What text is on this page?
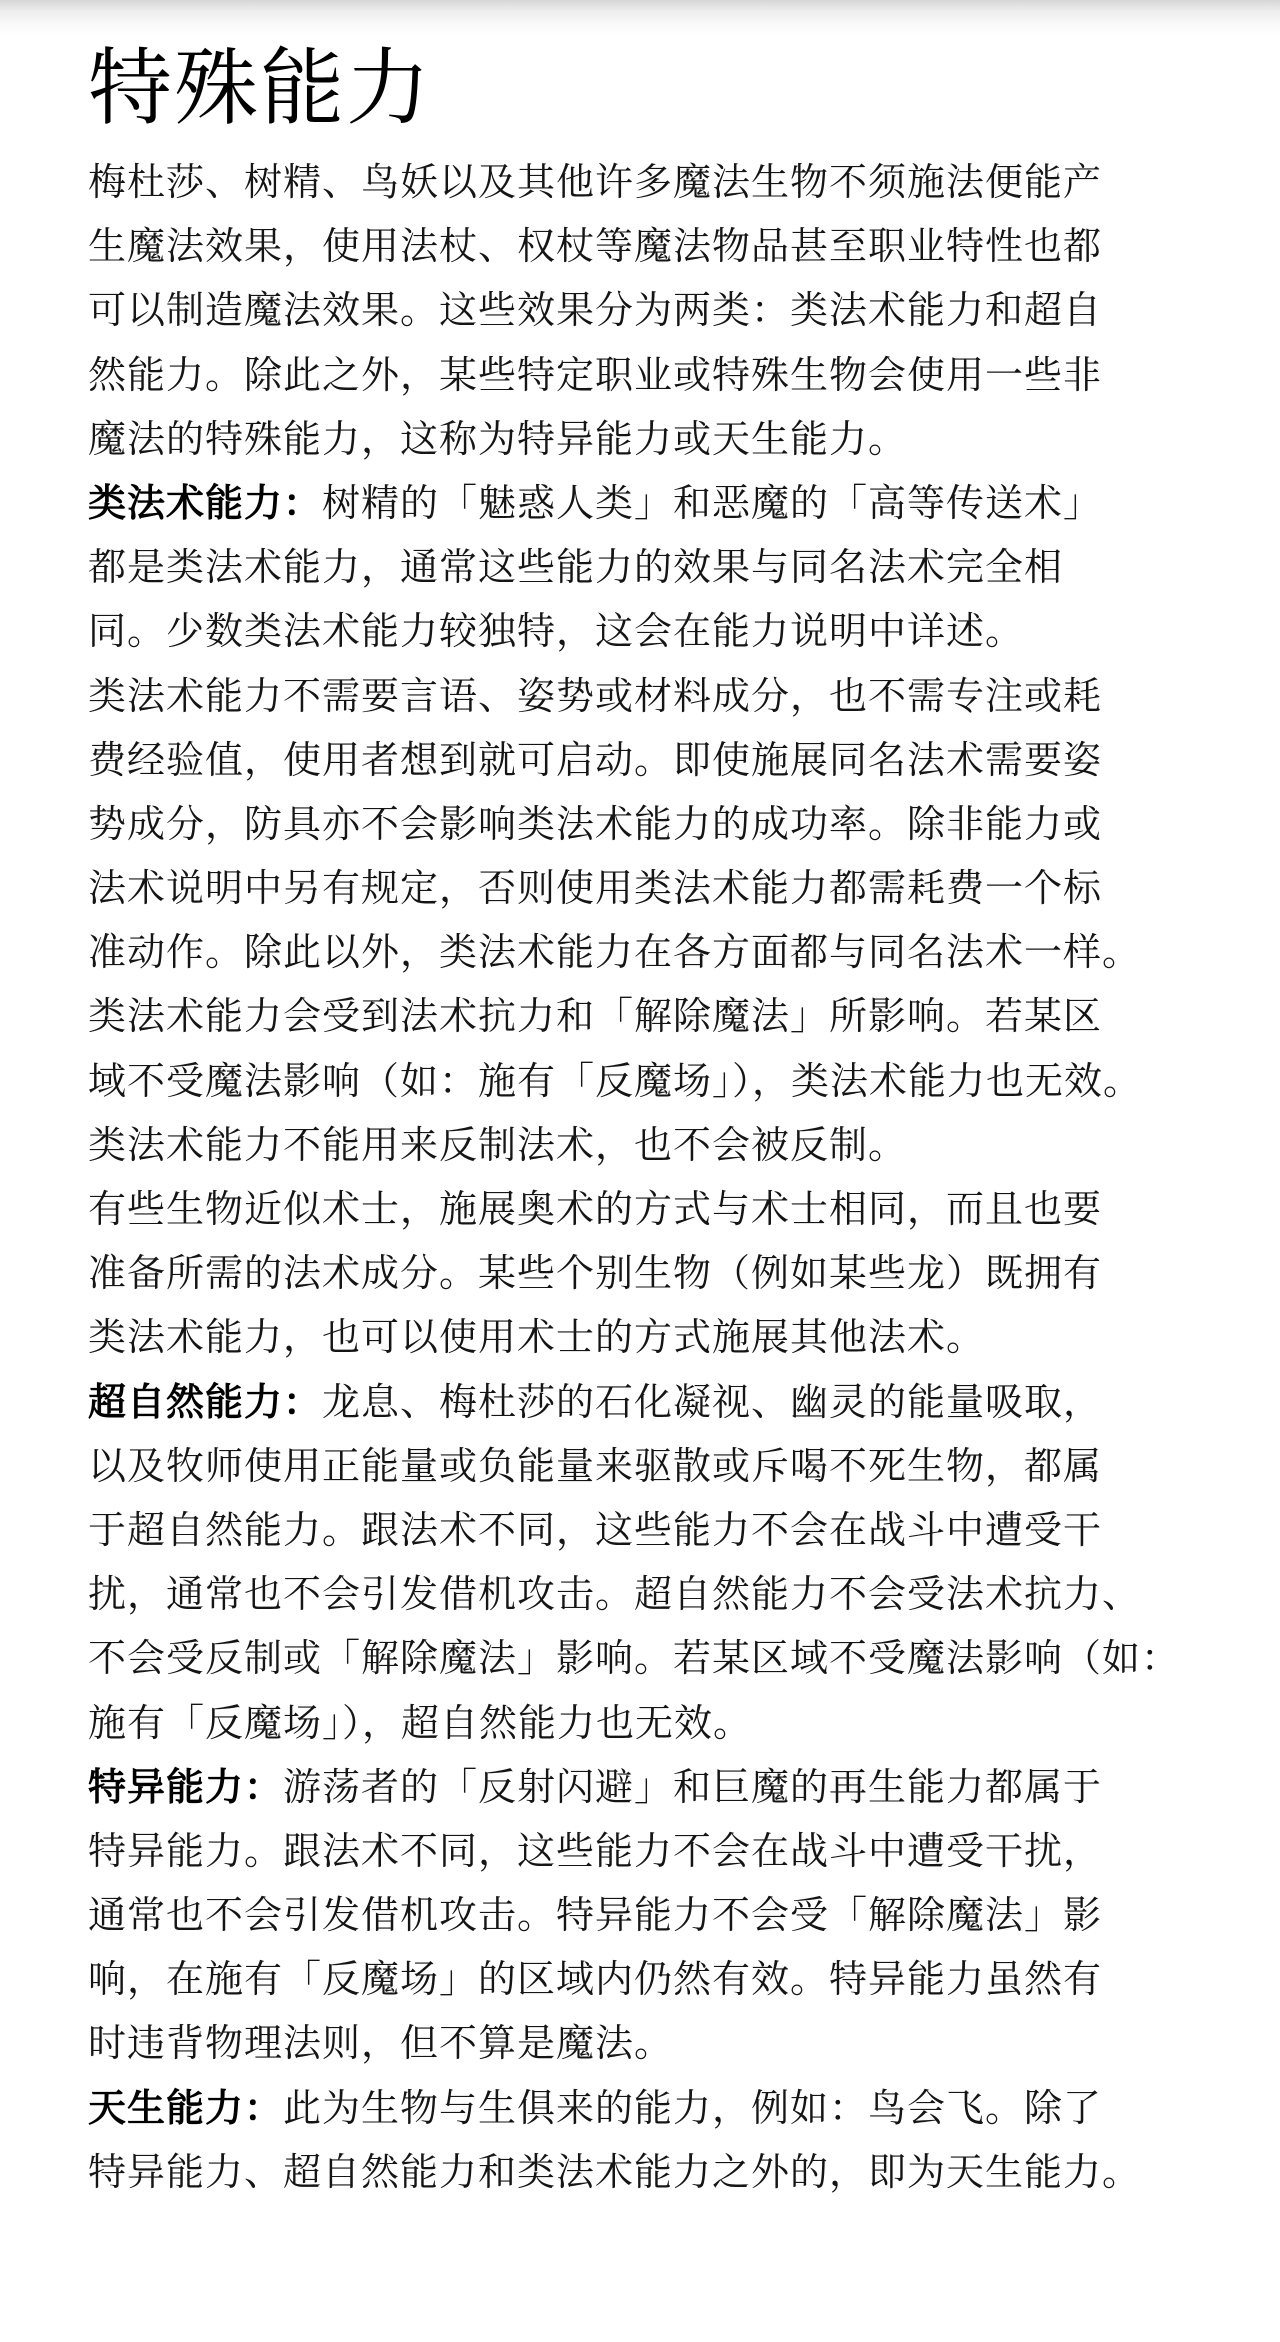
特殊能力

梅杜莎、树精、鸟妖以及其他许多魔法生物不须施法便能产
生魔法效果，使用法杖、权杖等魔法物品甚至职业特性也都
可以制造魔法效果。这些效果分为两类：类法术能力和超自
然能力。除此之外，某些特定职业或特殊生物会使用一些非
魔法的特殊能力，这称为特异能力或天生能力。

类法术能力：树精的「魅惑人类」和恶魔的「高等传送术」
都是类法术能力，通常这些能力的效果与同名法术完全相
同。少数类法术能力较独特，这会在能力说明中详述。

类法术能力不需要言语、姿势或材料成分，也不需专注或耗
费经验值，使用者想到就可启动。即使施展同名法术需要姿
势成分，防具亦不会影响类法术能力的成功率。除非能力或
法术说明中另有规定，否则使用类法术能力都需耗费一个标
准动作。除此以外，类法术能力在各方面都与同名法术一样。

类法术能力会受到法术抗力和「解除魔法」所影响。若某区
域不受魔法影响（如：施有「反魔场」），类法术能力也无效。
类法术能力不能用来反制法术，也不会被反制。

有些生物近似术士，施展奥术的方式与术士相同，而且也要
准备所需的法术成分。某些个别生物（例如某些龙）既拥有
类法术能力，也可以使用术士的方式施展其他法术。

超自然能力：龙息、梅杜莎的石化凝视、幽灵的能量吸取，
以及牧师使用正能量或负能量来驱散或斥喝不死生物，都属
于超自然能力。跟法术不同，这些能力不会在战斗中遭受干
扰，通常也不会引发借机攻击。超自然能力不会受法术抗力、
不会受反制或「解除魔法」影响。若某区域不受魔法影响（如：
施有「反魔场」），超自然能力也无效。

特异能力：游荡者的「反射闪避」和巨魔的再生能力都属于
特异能力。跟法术不同，这些能力不会在战斗中遭受干扰，
通常也不会引发借机攻击。特异能力不会受「解除魔法」影
响，在施有「反魔场」的区域内仍然有效。特异能力虽然有
时违背物理法则，但不算是魔法。

天生能力：此为生物与生俱来的能力，例如：鸟会飞。除了
特异能力、超自然能力和类法术能力之外的，即为天生能力。
